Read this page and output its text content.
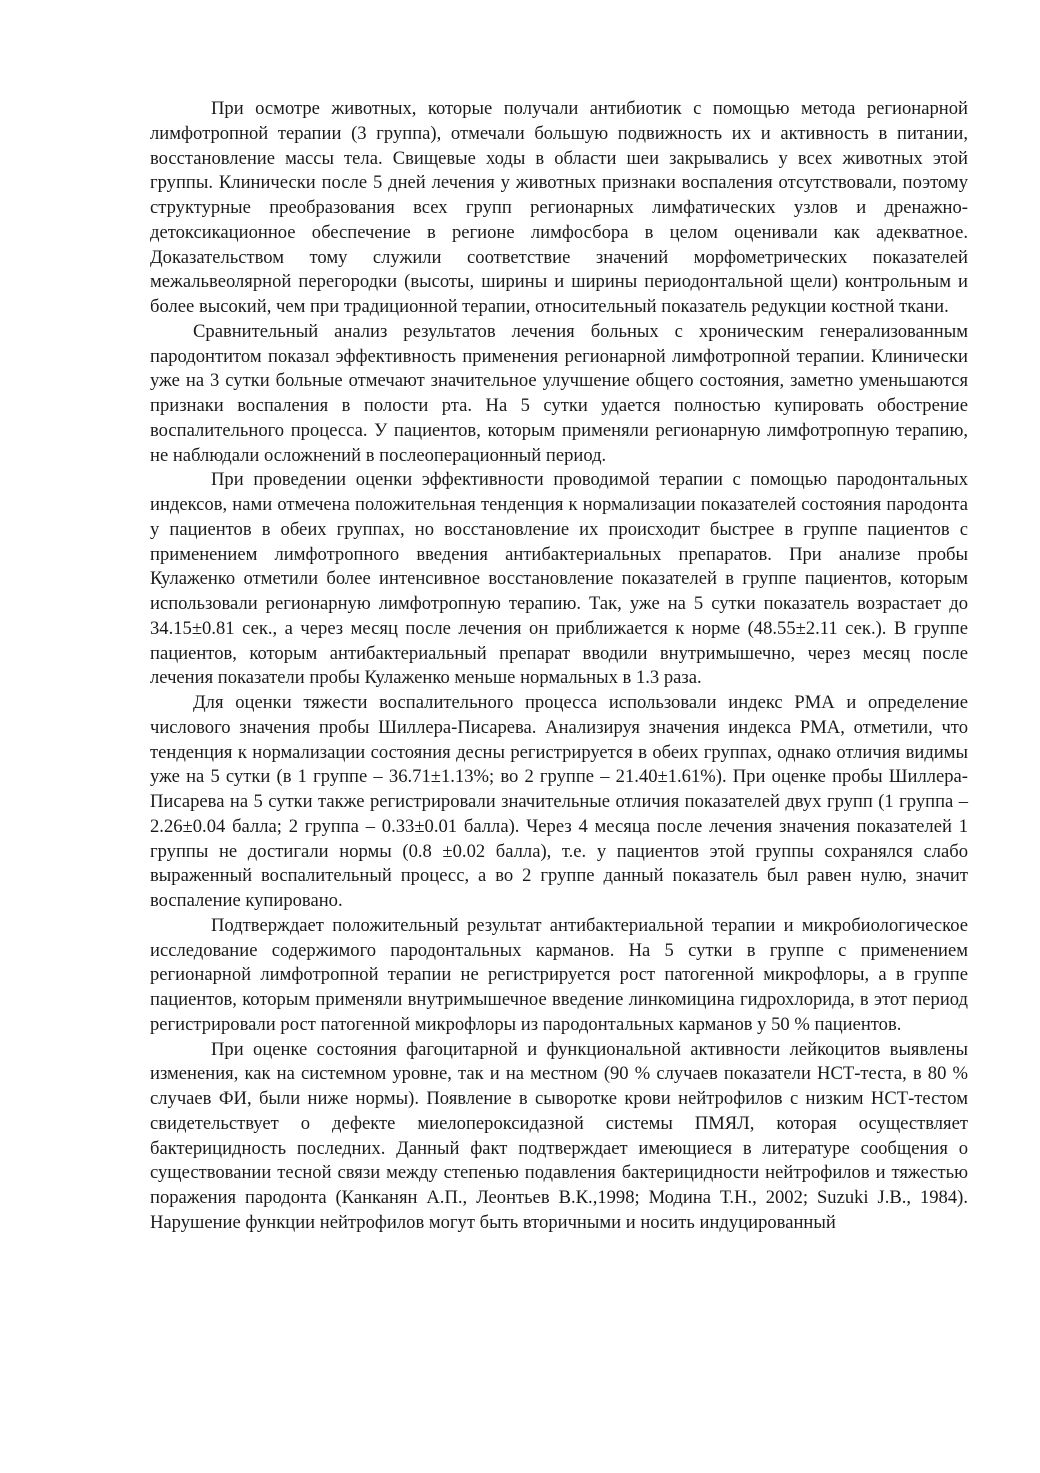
При осмотре животных, которые получали антибиотик с помощью метода регионарной лимфотропной терапии (3 группа), отмечали большую подвижность их и активность в питании, восстановление массы тела. Свищевые ходы в области шеи закрывались у всех животных этой группы. Клинически после 5 дней лечения у животных признаки воспаления отсутствовали, поэтому структурные преобразования всех групп регионарных лимфатических узлов и дренажно-детоксикационное обеспечение в регионе лимфосбора в целом оценивали как адекватное. Доказательством тому служили соответствие значений морфометрических показателей межальвеолярной перегородки (высоты, ширины и ширины периодонтальной щели) контрольным и более высокий, чем при традиционной терапии, относительный показатель редукции костной ткани.

Сравнительный анализ результатов лечения больных с хроническим генерализованным пародонтитом показал эффективность применения регионарной лимфотропной терапии. Клинически уже на 3 сутки больные отмечают значительное улучшение общего состояния, заметно уменьшаются признаки воспаления в полости рта. На 5 сутки удается полностью купировать обострение воспалительного процесса. У пациентов, которым применяли регионарную лимфотропную терапию, не наблюдали осложнений в послеоперационный период.

При проведении оценки эффективности проводимой терапии с помощью пародонтальных индексов, нами отмечена положительная тенденция к нормализации показателей состояния пародонта у пациентов в обеих группах, но восстановление их происходит быстрее в группе пациентов с применением лимфотропного введения антибактериальных препаратов. При анализе пробы Кулаженко отметили более интенсивное восстановление показателей в группе пациентов, которым использовали регионарную лимфотропную терапию. Так, уже на 5 сутки показатель возрастает до 34.15±0.81 сек., а через месяц после лечения он приближается к норме (48.55±2.11 сек.). В группе пациентов, которым антибактериальный препарат вводили внутримышечно, через месяц после лечения показатели пробы Кулаженко меньше нормальных в 1.3 раза.

Для оценки тяжести воспалительного процесса использовали индекс РМА и определение числового значения пробы Шиллера-Писарева. Анализируя значения индекса РМА, отметили, что тенденция к нормализации состояния десны регистрируется в обеих группах, однако отличия видимы уже на 5 сутки (в 1 группе – 36.71±1.13%; во 2 группе – 21.40±1.61%). При оценке пробы Шиллера-Писарева на 5 сутки также регистрировали значительные отличия показателей двух групп (1 группа – 2.26±0.04 балла; 2 группа – 0.33±0.01 балла). Через 4 месяца после лечения значения показателей 1 группы не достигали нормы (0.8 ±0.02 балла), т.е. у пациентов этой группы сохранялся слабо выраженный воспалительный процесс, а во 2 группе данный показатель был равен нулю, значит воспаление купировано.

Подтверждает положительный результат антибактериальной терапии и микробиологическое исследование содержимого пародонтальных карманов. На 5 сутки в группе с применением регионарной лимфотропной терапии не регистрируется рост патогенной микрофлоры, а в группе пациентов, которым применяли внутримышечное введение линкомицина гидрохлорида, в этот период регистрировали рост патогенной микрофлоры из пародонтальных карманов у 50 % пациентов.

При оценке состояния фагоцитарной и функциональной активности лейкоцитов выявлены изменения, как на системном уровне, так и на местном (90 % случаев показатели НСТ-теста, в 80 % случаев ФИ, были ниже нормы). Появление в сыворотке крови нейтрофилов с низким НСТ-тестом свидетельствует о дефекте миелопероксидазной системы ПМЯЛ, которая осуществляет бактерицидность последних. Данный факт подтверждает имеющиеся в литературе сообщения о существовании тесной связи между степенью подавления бактерицидности нейтрофилов и тяжестью поражения пародонта (Канканян А.П., Леонтьев В.К.,1998; Модина Т.Н., 2002; Suzuki J.B., 1984). Нарушение функции нейтрофилов могут быть вторичными и носить индуцированный
